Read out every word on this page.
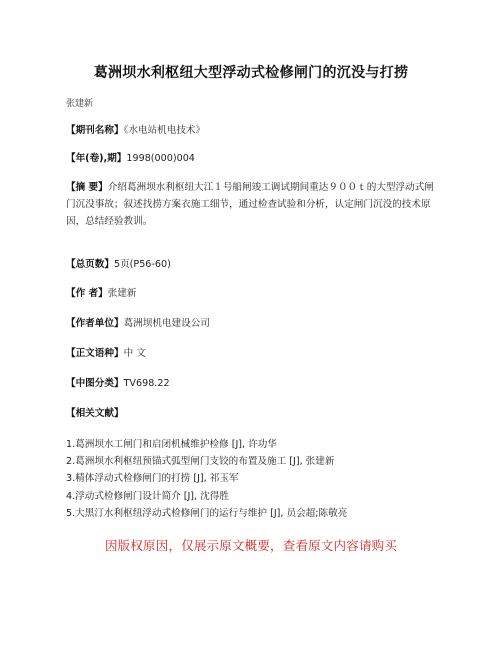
葛洲坝水利枢纽大型浮动式检修闸门的沉没与打捞
张建新
【期刊名称】《水电站机电技术》
【年(卷),期】1998(000)004
【摘 要】介绍葛洲坝水利枢纽大江１号船闸竣工调试期间重达９００ｔ的大型浮动式闸门沉没事故；叙述找捞方案衣施工细节，通过检查试验和分析，认定闸门沉没的技术原因，总结经验教训。
【总页数】5页(P56-60)
【作 者】张建新
【作者单位】葛洲坝机电建设公司
【正文语种】中 文
【中图分类】TV698.22
【相关文献】
1.葛洲坝水工闸门和启闭机械维护检修 [J], 许功华
2.葛洲坝水利枢纽预锚式弧型闸门支铰的布置及施工 [J], 张建新
3.精体浮动式检修闸门的打捞 [J], 祁玉军
4.浮动式检修闸门设计简介 [J], 沈得胜
5.大黑汀水利枢纽浮动式检修闸门的运行与维护 [J], 员会超;陈敬亮
因版权原因，仅展示原文概要，查看原文内容请购买
